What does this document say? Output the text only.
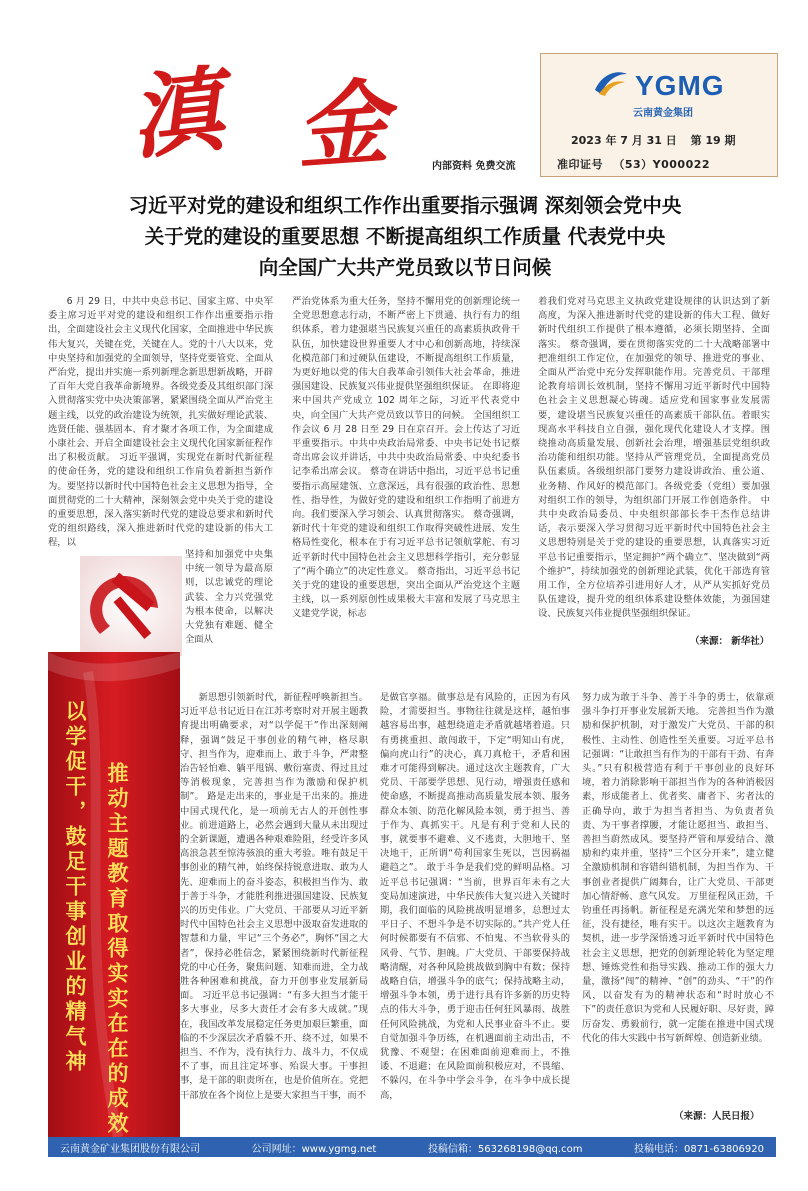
滇 金	内部资料 免费交流
YGMG
云南黄金集团
2023 年 7 月 31 日 第 19 期
准印证号 （53）Y000022
习近平对党的建设和组织工作作出重要指示强调 深刻领会党中央
关于党的建设的重要思想 不断提高组织工作质量 代表党中央
向全国广大共产党员致以节日问候

6 月 29 日，中共中央总书记、国家主席、中央军委主席习近平对党的建设和组织工作作出重要指示指出，全面建设社会主义现代化国家，全面推进中华民族伟大复兴，关键在党，关键在人。党的十八大以来，党中央坚持和加强党的全面领导，坚持党要管党、全面从严治党，提出并实施一系列新理念新思想新战略，开辟了百年大党自我革命新境界。各级党委及其组织部门深入贯彻落实党中央决策部署，紧紧围绕全面从严治党主题主线，以党的政治建设为统领，扎实做好理论武装、选贤任能、强基固本、育才聚才各项工作，为全面建成小康社会、开启全面建设社会主义现代化国家新征程作出了积极贡献。 习近平强调，实现党在新时代新征程的使命任务，党的建设和组织工作肩负着新担当新作为。要坚持以新时代中国特色社会主义思想为指导，全面贯彻党的二十大精神，深刻领会党中央关于党的建设的重要思想，深入落实新时代党的建设总要求和新时代党的组织路线，深入推进新时代党的建设新的伟大工程，以

坚持和加强党中央集中统一领导为最高原则，以忠诚党的理论武装、全力兴党强党为根本使命，以解决大党独有难题、健全全面从

严治党体系为重大任务，坚持不懈用党的创新理论统一全党思想意志行动，不断严密上下贯通、执行有力的组织体系，着力建强堪当民族复兴重任的高素质执政骨干队伍，加快建设世界重要人才中心和创新高地，持续深化模范部门和过硬队伍建设，不断提高组织工作质量，为更好地以党的伟大自我革命引领伟大社会革命，推进强国建设、民族复兴伟业提供坚强组织保证。 在即将迎来中国共产党成立 102 周年之际，习近平代表党中央，向全国广大共产党员致以节日的问候。 全国组织工作会议 6 月 28 日至 29 日在京召开。会上传达了习近平重要指示。中共中央政治局常委、中央书记处书记蔡奇出席会议并讲话，中共中央政治局常委、中央纪委书记李希出席会议。 蔡奇在讲话中指出，习近平总书记重要指示高屋建瓴、立意深远，具有很强的政治性、思想性、指导性，为做好党的建设和组织工作指明了前进方向。我们要深入学习领会、认真贯彻落实。 蔡奇强调，新时代十年党的建设和组织工作取得突破性进展、发生格局性变化，根本在于有习近平总书记领航掌舵、有习近平新时代中国特色社会主义思想科学指引，充分彰显了“两个确立”的决定性意义。 蔡奇指出，习近平总书记关于党的建设的重要思想，突出全面从严治党这个主题主线，以一系列原创性成果极大丰富和发展了马克思主义建党学说，标志

着我们党对马克思主义执政党建设规律的认识达到了新高度，为深入推进新时代党的建设新的伟大工程、做好新时代组织工作提供了根本遵循，必须长期坚持、全面落实。 蔡奇强调，要在贯彻落实党的二十大战略部署中把准组织工作定位，在加强党的领导、推进党的事业、全面从严治党中充分发挥职能作用。完善党员、干部理论教育培训长效机制，坚持不懈用习近平新时代中国特色社会主义思想凝心铸魂。适应党和国家事业发展需要，建设堪当民族复兴重任的高素质干部队伍。着眼实现高水平科技自立自强，强化现代化建设人才支撑。围绕推动高质量发展、创新社会治理，增强基层党组织政治功能和组织功能。坚持从严管理党员，全面提高党员队伍素质。各级组织部门要努力建设讲政治、重公道、业务精、作风好的模范部门。各级党委（党组）要加强对组织工作的领导，为组织部门开展工作创造条件。 中共中央政治局委员、中央组织部部长李干杰作总结讲话，表示要深入学习贯彻习近平新时代中国特色社会主义思想特别是关于党的建设的重要思想，认真落实习近平总书记重要指示，坚定拥护“两个确立”、坚决做到“两个维护”，持续加强党的创新理论武装，优化干部选育管用工作，全方位培养引进用好人才，从严从实抓好党员队伍建设，提升党的组织体系建设整体效能，为强国建设、民族复兴伟业提供坚强组织保证。

（来源： 新华社）
以学促干，鼓足干事创业的精气神 推动主题教育取得实实在在的成效

新思想引领新时代，新征程呼唤新担当。习近平总书记近日在江苏考察时对开展主题教育提出明确要求，对“以学促干”作出深刻阐释，强调“鼓足干事创业的精气神，格尽职守、担当作为，迎难而上、敢于斗争，严肃整治告轻怕难、躺平甩锅、敷衍塞责、得过且过等消极现象，完善担当作为激励和保护机制”。 路是走出来的，事业是干出来的。推进中国式现代化，是一项前无古人的开创性事业。前进道路上，必然会遇到大量从未出现过的全新课题，遭遇各种艰难险阻，经受许多风高浪急甚至惊涛骇浪的重大考验。唯有鼓足干事创业的精气神，始终保持锐意进取、敢为人先、迎难而上的奋斗姿态，积极担当作为、敢于善于斗争，才能胜利推进强国建设、民族复兴的历史伟业。广大党员、干部要从习近平新时代中国特色社会主义思想中汲取奋发进取的智慧和力量，牢记“三个务必”，胸怀“国之大者”，保持必胜信念，紧紧围绕新时代新征程党的中心任务，聚焦问题、知难而进，全力战胜各种困难和挑战，奋力开创事业发展新局面。 习近平总书记强调：“有多大担当才能干多大事业，尽多大责任才会有多大成就。”现在，我国改革发展稳定任务更加艰巨繁重，面临的不少深层次矛盾躲不开、绕不过，如果不担当、不作为，没有执行力、战斗力，不仅成不了事，而且注定坏事、殆误大事。干事担事，是干部的职责所在，也是价值所在。党把干部放在各个岗位上是要大家担当干事，而不

是做官享福。做事总是有风险的，正因为有风险，才需要担当。事物往往就是这样，越怕事越容易出事，越想绕道走矛盾就越堵着道。只有勇挑重担、敢闯敢干，下定“明知山有虎，偏向虎山行”的决心，真刀真枪干，矛盾和困难才可能得到解决。通过这次主题教育，广大党员、干部要学思想、见行动，增强责任感和使命感，不断提高推动高质量发展本领、服务群众本领、防范化解风险本领，勇于担当、善于作为、真抓实干。凡是有利于党和人民的事，就要事不避难、义不逃责，大胆地干、坚决地干，正所谓“苟利国家生死以，岂因祸福避趋之”。 敢于斗争是我们党的鲜明品格。习近平总书记强调：“当前，世界百年未有之大变局加速演进，中华民族伟大复兴进入关键时期，我们面临的风险挑战明显增多，总想过太平日子、不想斗争是不切实际的。”共产党人任何时候都要有不信邪、不怕鬼、不当软骨头的风骨、气节、胆魄。广大党员、干部要保持战略清醒，对各种风险挑战做到胸中有数；保持战略自信，增强斗争的底气；保持战略主动，增强斗争本领，勇于进行具有许多新的历史特点的伟大斗争，勇于迎击任何狂风暴雨、战胜任何风险挑战，为党和人民事业奋斗不止。要自觉加强斗争历练，在机遇面前主动出击，不犹豫、不观望；在困难面前迎难而上，不推诿、不退避；在风险面前积极应对，不畏缩、不躲闪，在斗争中学会斗争，在斗争中成长提高，

努力成为敢于斗争、善于斗争的勇士，依靠顽强斗争打开事业发展新天地。 完善担当作为激励和保护机制，对于激发广大党员、干部的积极性、主动性、创造性至关重要。习近平总书记强调：“让敢担当有作为的干部有干劲、有奔头。”只有积极营造有利于干事创业的良好环境，着力消除影响干部担当作为的各种消极因素，形成能者上、优者奖、庸者下、劣者汰的正确导向，敢于为担当者担当、为负责者负责、为干事者撑腰，才能让愿担当、敢担当、善担当蔚然成风。要坚持严管和厚爱结合、激励和约束并重，坚持“三个区分开来”，建立健全激励机制和容错纠错机制，为担当作为、干事创业者提供广阔舞台，让广大党员、干部更加心情舒畅、意气风发。 万里征程风正劲，千钧重任再扬帆。新征程是充满光荣和梦想的远征，没有捷径，唯有实干。以这次主题教育为契机，进一步学深悟透习近平新时代中国特色社会主义思想，把党的创新理论转化为坚定理想、锤炼党性和指导实践、推动工作的强大力量，激扬“闯”的精神、“创”的劲头、“干”的作风，以奋发有为的精神状态和“时时放心不下”的责任意识为党和人民履好职、尽好责，踔厉奋发、勇毅前行，就一定能在推进中国式现代化的伟大实践中书写新辉煌、创造新业绩。

（来源：人民日报）
云南黄金矿业集团股份有限公司	公司网址：www.ygmg.net	投稿信箱：563268198@qq.com	投稿电话：0871-63806920
